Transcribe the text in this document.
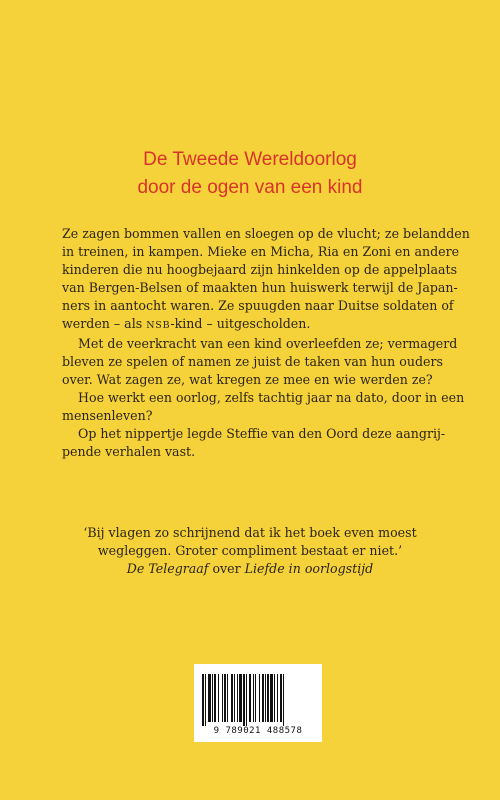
De Tweede Wereldoorlog
door de ogen van een kind

Ze zagen bommen vallen en sloegen op de vlucht; ze belandden

in treinen, in kampen. Mieke en Micha, Ria en Zoni en andere

kinderen die nu hoogbejaard zijn hinkelden op de appelplaats

van Bergen-Belsen of maakten hun huiswerk terwijl de Japan-

ners in aantocht waren. Ze spuugden naar Duitse soldaten of

werden – als NSB-kind – uitgescholden.

Met de veerkracht van een kind overleefden ze; vermagerd

bleven ze spelen of namen ze juist de taken van hun ouders

over. Wat zagen ze, wat kregen ze mee en wie werden ze?

Hoe werkt een oorlog, zelfs tachtig jaar na dato, door in een

mensenleven?

Op het nippertje legde Steffie van den Oord deze aangrij-

pende verhalen vast.

‘Bij vlagen zo schrijnend dat ik het boek even moest
wegleggen. Groter compliment bestaat er niet.’
De Telegraaf over Liefde in oorlogstijd
9 789021 488578
